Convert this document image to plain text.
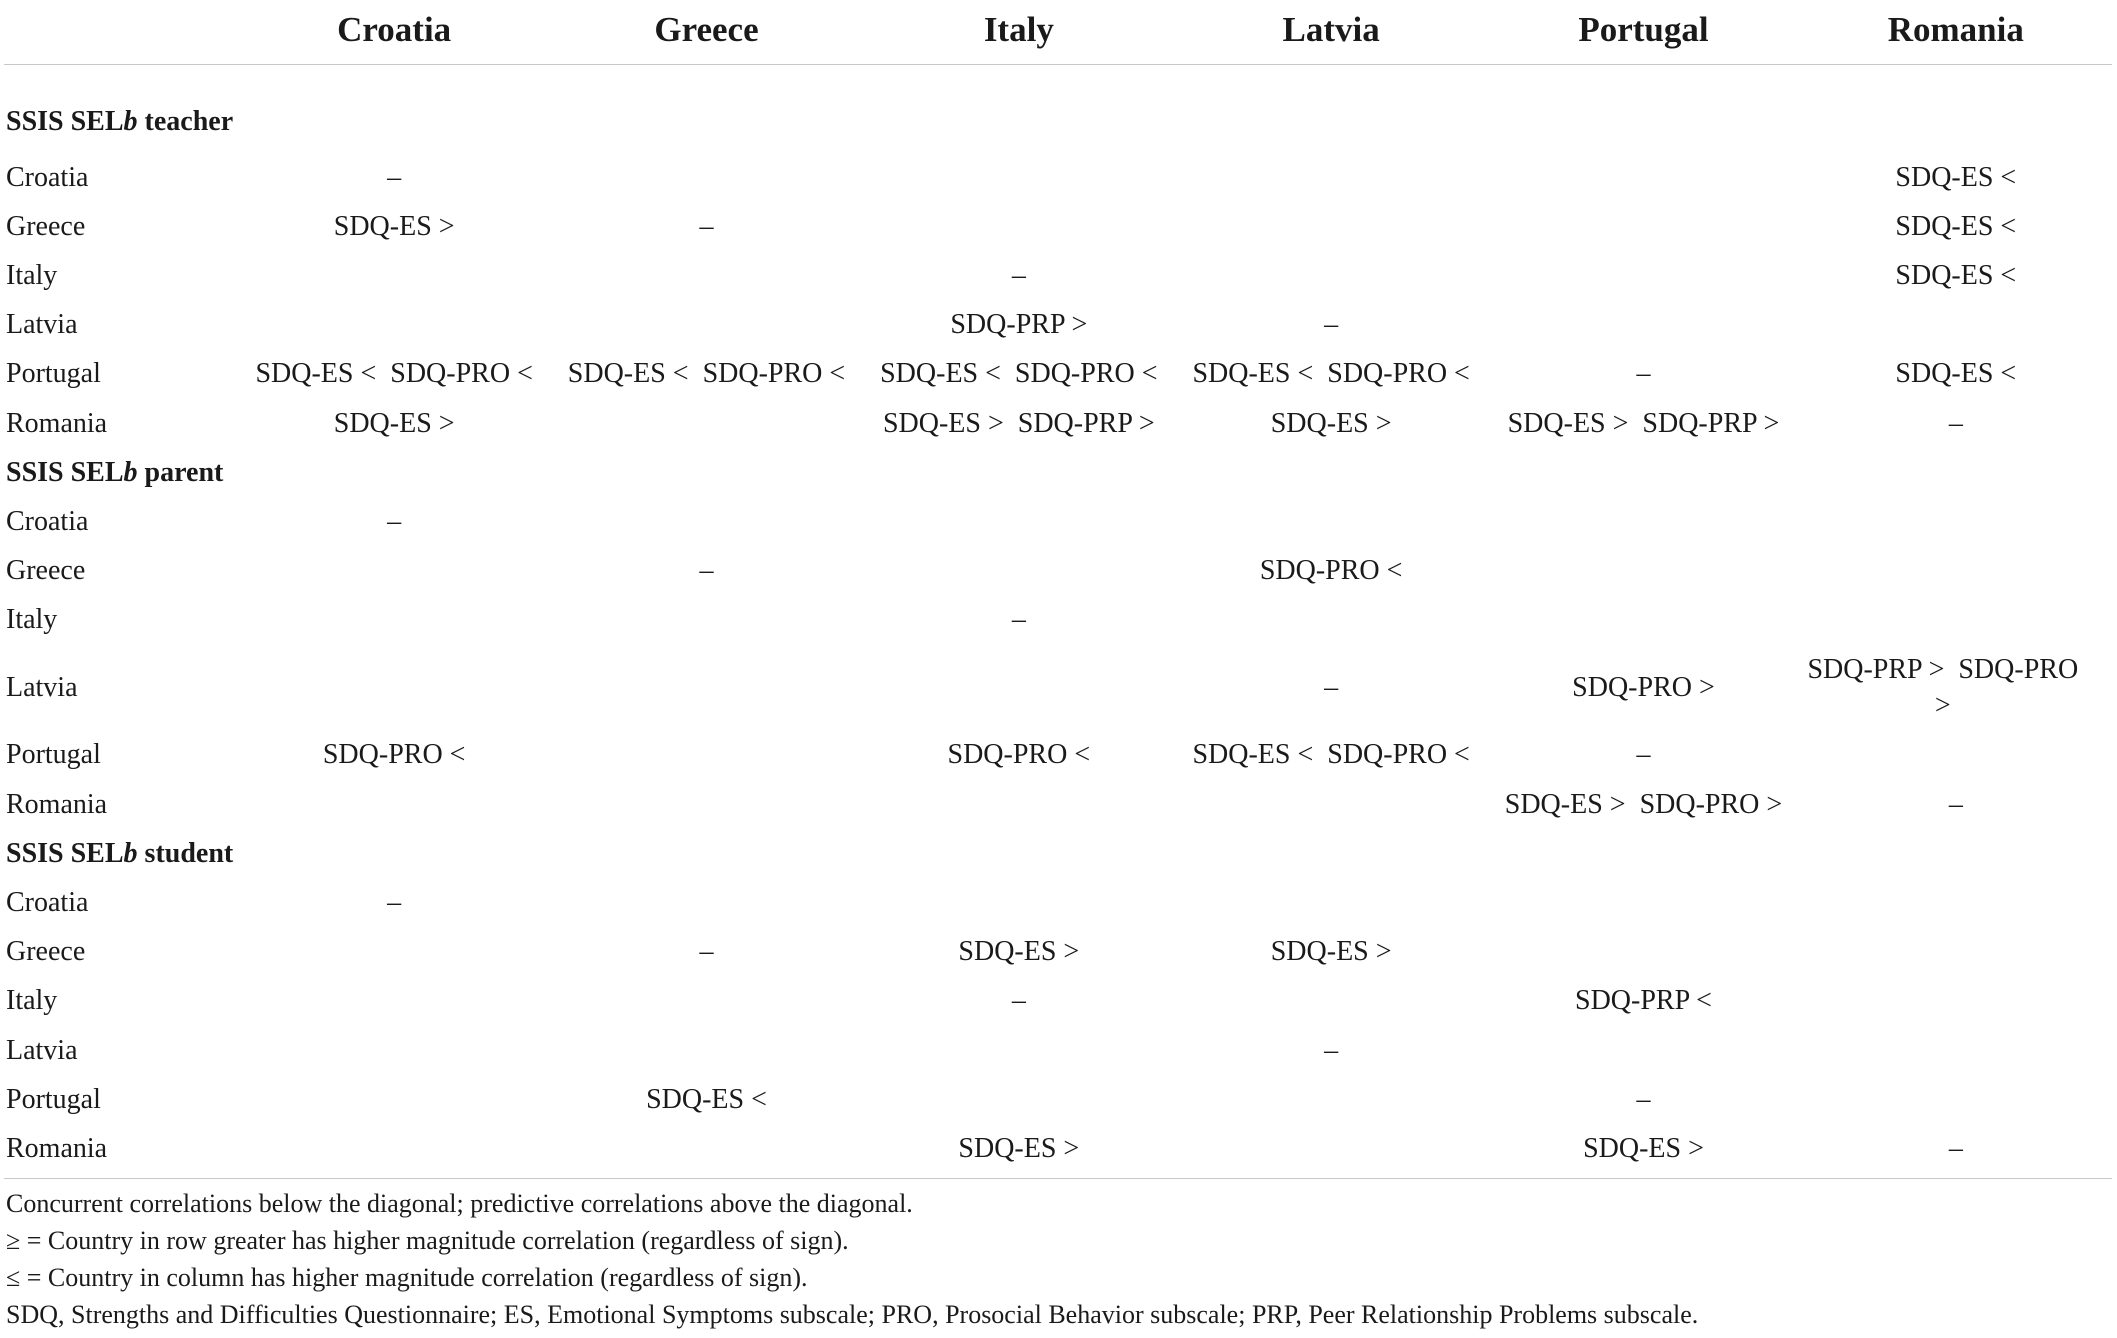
	Croatia	Greece	Italy	Latvia	Portugal	Romania
SSIS SELb teacher						
Croatia	–					SDQ-ES <
Greece	SDQ-ES >	–				SDQ-ES <
Italy			–			SDQ-ES <
Latvia			SDQ-PRP >	–		
Portugal	SDQ-ES <  SDQ-PRO <	SDQ-ES <  SDQ-PRO <	SDQ-ES <  SDQ-PRO <	SDQ-ES <  SDQ-PRO <	–	SDQ-ES <
Romania	SDQ-ES >		SDQ-ES >  SDQ-PRP >	SDQ-ES >	SDQ-ES >  SDQ-PRP >	–
SSIS SELb parent						
Croatia	–					
Greece		–		SDQ-PRO <		
Italy			–			
Latvia				–	SDQ-PRO >	SDQ-PRP >  SDQ-PRO >
Portugal	SDQ-PRO <		SDQ-PRO <	SDQ-ES <  SDQ-PRO <	–	
Romania					SDQ-ES >  SDQ-PRO >	–
SSIS SELb student						
Croatia	–					
Greece		–	SDQ-ES >	SDQ-ES >		
Italy			–		SDQ-PRP <	
Latvia				–		
Portugal		SDQ-ES <			–	
Romania			SDQ-ES >		SDQ-ES >	–

Concurrent correlations below the diagonal; predictive correlations above the diagonal.

≥ = Country in row greater has higher magnitude correlation (regardless of sign).

≤ = Country in column has higher magnitude correlation (regardless of sign).

SDQ, Strengths and Difficulties Questionnaire; ES, Emotional Symptoms subscale; PRO, Prosocial Behavior subscale; PRP, Peer Relationship Problems subscale.
